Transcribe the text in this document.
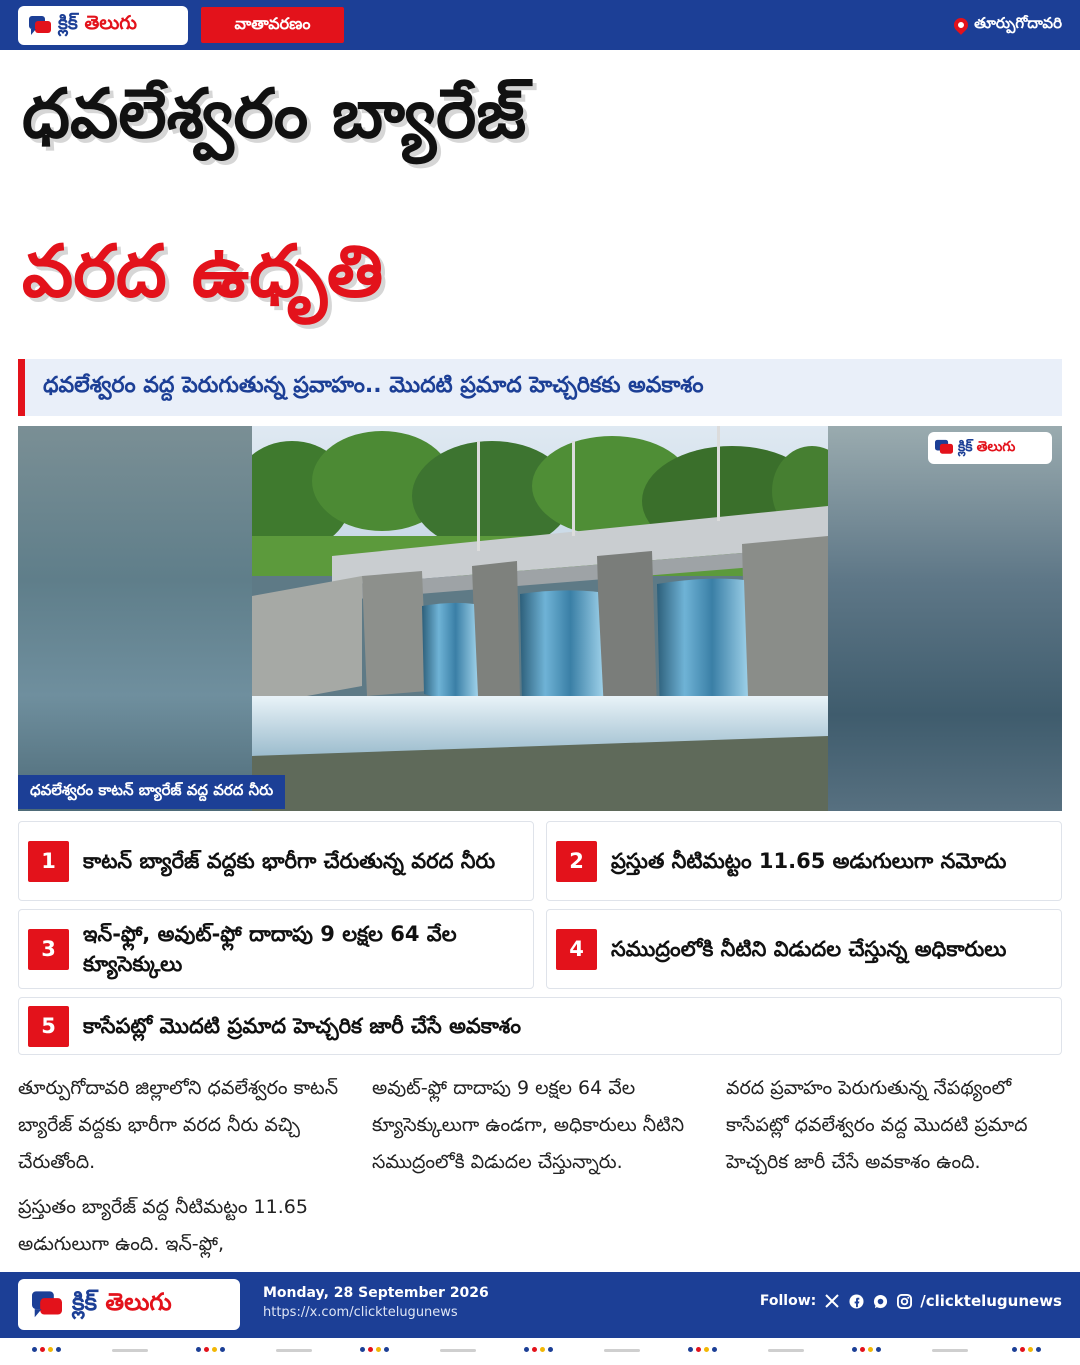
క్లిక్ తెలుగు	వాతావరణం	తూర్పుగోదావరి
ధవలేశ్వరం బ్యారేజ్
వరద ఉధృతి
ధవలేశ్వరం వద్ద పెరుగుతున్న ప్రవాహం.. మొదటి ప్రమాద హెచ్చరికకు అవకాశం
క్లిక్ తెలుగు
ధవలేశ్వరం కాటన్ బ్యారేజ్ వద్ద వరద నీరు
1	కాటన్ బ్యారేజ్ వద్దకు భారీగా చేరుతున్న వరద నీరు	2	ప్రస్తుత నీటిమట్టం 11.65 అడుగులుగా నమోదు
3
ఇన్-ఫ్లో, అవుట్-ఫ్లో దాదాపు 9 లక్షల 64 వేల క్యూసెక్కులు
4	సముద్రంలోకి నీటిని విడుదల చేస్తున్న అధికారులు
5	కాసేపట్లో మొదటి ప్రమాద హెచ్చరిక జారీ చేసే అవకాశం

తూర్పుగోదావరి జిల్లాలోని ధవలేశ్వరం కాటన్ బ్యారేజ్ వద్దకు భారీగా వరద నీరు వచ్చి చేరుతోంది.

ప్రస్తుతం బ్యారేజ్ వద్ద నీటిమట్టం 11.65 అడుగులుగా ఉంది. ఇన్-ఫ్లో,

అవుట్-ఫ్లో దాదాపు 9 లక్షల 64 వేల క్యూసెక్కులుగా ఉండగా, అధికారులు నీటిని సముద్రంలోకి విడుదల చేస్తున్నారు.

వరద ప్రవాహం పెరుగుతున్న నేపథ్యంలో కాసేపట్లో ధవలేశ్వరం వద్ద మొదటి ప్రమాద హెచ్చరిక జారీ చేసే అవకాశం ఉంది.

క్లిక్ తెలుగు	Monday, 28 September 2026
https://x.com/clicktelugunews
Follow:	/clicktelugunews
